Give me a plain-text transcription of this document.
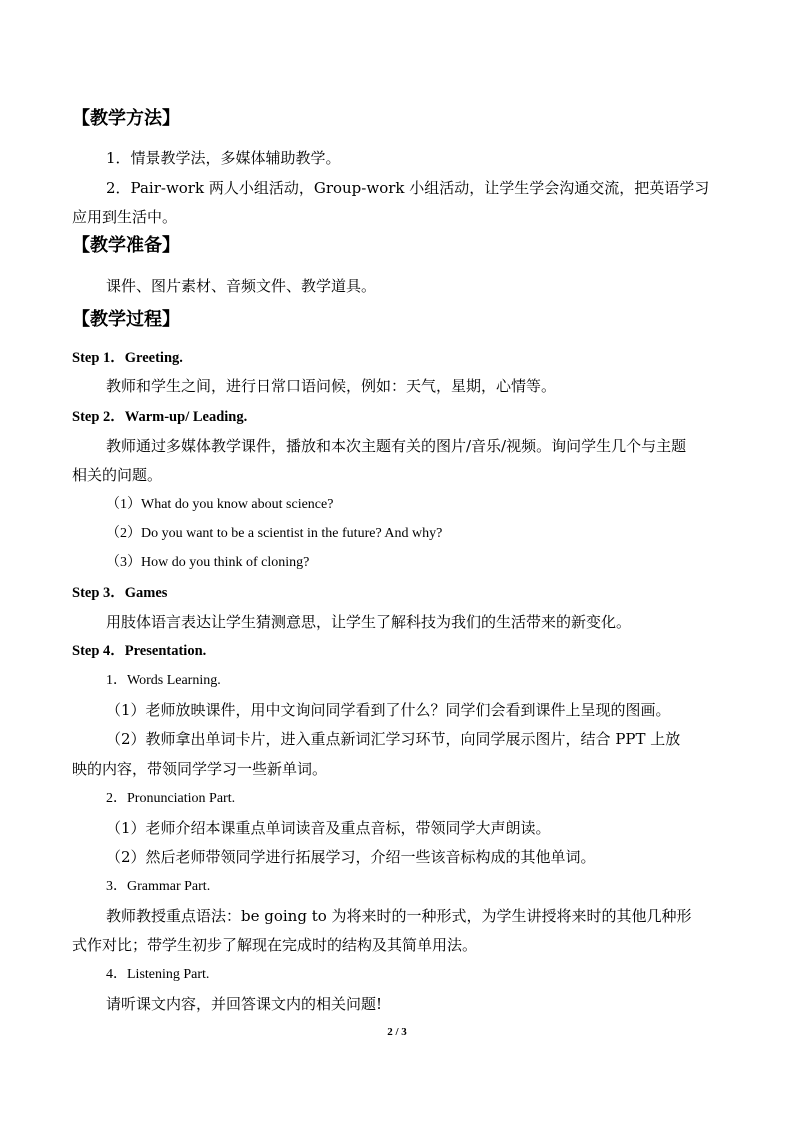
【教学方法】
1．情景教学法，多媒体辅助教学。
2．Pair-work 两人小组活动，Group-work 小组活动，让学生学会沟通交流，把英语学习
应用到生活中。
【教学准备】
课件、图片素材、音频文件、教学道具。
【教学过程】
Step 1．Greeting.
教师和学生之间，进行日常口语问候，例如：天气，星期，心情等。
Step 2．Warm-up/ Leading.
教师通过多媒体教学课件，播放和本次主题有关的图片/音乐/视频。询问学生几个与主题
相关的问题。
（1）What do you know about science?
（2）Do you want to be a scientist in the future? And why?
（3）How do you think of cloning?
Step 3．Games
用肢体语言表达让学生猜测意思，让学生了解科技为我们的生活带来的新变化。
Step 4．Presentation.
1．Words Learning.
（1）老师放映课件，用中文询问同学看到了什么？同学们会看到课件上呈现的图画。
（2）教师拿出单词卡片，进入重点新词汇学习环节，向同学展示图片，结合 PPT 上放
映的内容，带领同学学习一些新单词。
2．Pronunciation Part.
（1）老师介绍本课重点单词读音及重点音标，带领同学大声朗读。
（2）然后老师带领同学进行拓展学习，介绍一些该音标构成的其他单词。
3．Grammar Part.
教师教授重点语法：be going to 为将来时的一种形式，为学生讲授将来时的其他几种形
式作对比；带学生初步了解现在完成时的结构及其简单用法。
4．Listening Part.
请听课文内容，并回答课文内的相关问题!
2 / 3
